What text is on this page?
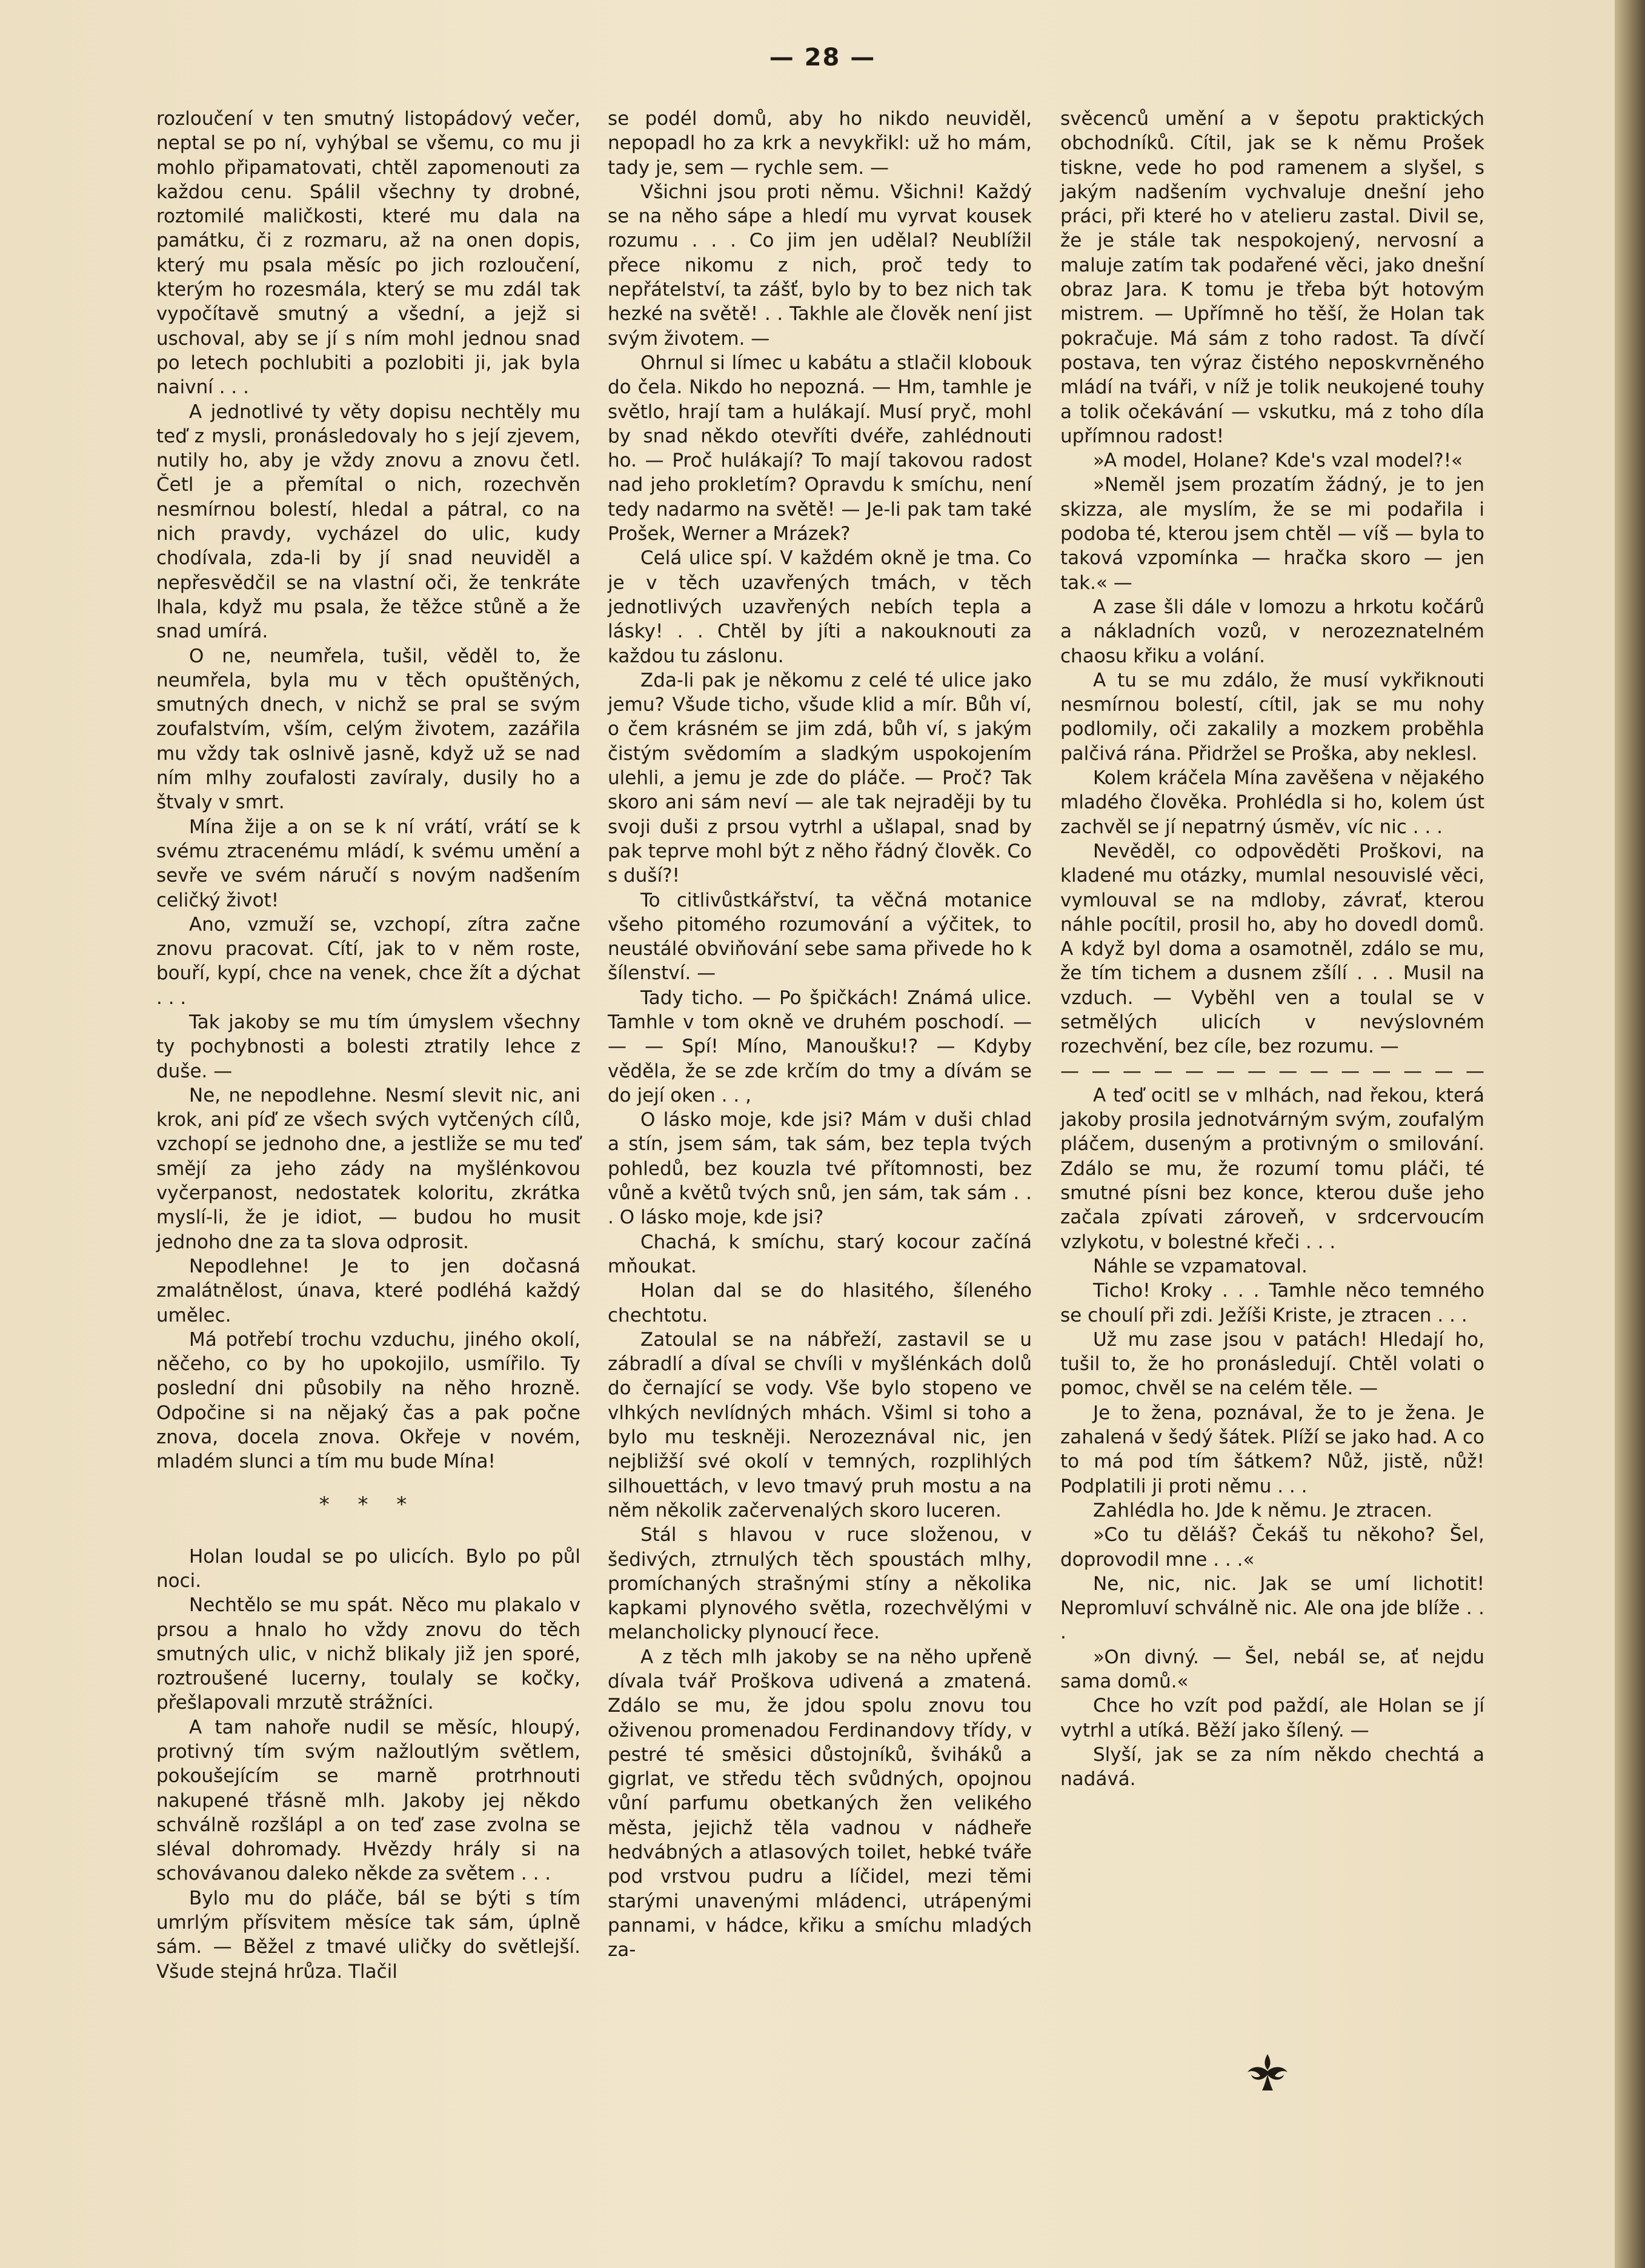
— 28 —

rozloučení v ten smutný listopádový večer, neptal se po ní, vyhýbal se všemu, co mu ji mohlo připamatovati, chtěl zapomenouti za každou cenu. Spálil všechny ty drobné, roztomilé maličkosti, které mu dala na památku, či z rozmaru, až na onen dopis, který mu psala měsíc po jich rozloučení, kterým ho rozesmála, který se mu zdál tak vypočítavě smutný a všední, a jejž si uschoval, aby se jí s ním mohl jednou snad po letech pochlubiti a pozlobiti ji, jak byla naivní . . .

A jednotlivé ty věty dopisu nechtěly mu teď z mysli, pronásledovaly ho s její zjevem, nutily ho, aby je vždy znovu a znovu četl. Četl je a přemítal o nich, rozechvěn nesmírnou bolestí, hledal a pátral, co na nich pravdy, vycházel do ulic, kudy chodívala, zda-li by jí snad neuviděl a nepřesvědčil se na vlastní oči, že tenkráte lhala, když mu psala, že těžce stůně a že snad umírá.

O ne, neumřela, tušil, věděl to, že neumřela, byla mu v těch opuštěných, smutných dnech, v nichž se pral se svým zoufalstvím, vším, celým životem, zazářila mu vždy tak oslnivě jasně, když už se nad ním mlhy zoufalosti zavíraly, dusily ho a štvaly v smrt.

Mína žije a on se k ní vrátí, vrátí se k svému ztracenému mládí, k svému umění a sevře ve svém náručí s novým nadšením celičký život!

Ano, vzmuží se, vzchopí, zítra začne znovu pracovat. Cítí, jak to v něm roste, bouří, kypí, chce na venek, chce žít a dýchat . . .

Tak jakoby se mu tím úmyslem všechny ty pochybnosti a bolesti ztratily lehce z duše. —

Ne, ne nepodlehne. Nesmí slevit nic, ani krok, ani píď ze všech svých vytčených cílů, vzchopí se jednoho dne, a jestliže se mu teď smějí za jeho zády na myšlénkovou vyčerpanost, nedostatek koloritu, zkrátka myslí-li, že je idiot, — budou ho musit jednoho dne za ta slova odprosit.

Nepodlehne! Je to jen dočasná zmalátnělost, únava, které podléhá každý umělec.

Má potřebí trochu vzduchu, jiného okolí, něčeho, co by ho upokojilo, usmířilo. Ty poslední dni působily na něho hrozně. Odpočine si na nějaký čas a pak počne znova, docela znova. Okřeje v novém, mladém slunci a tím mu bude Mína!

* * *

Holan loudal se po ulicích. Bylo po půl noci.

Nechtělo se mu spát. Něco mu plakalo v prsou a hnalo ho vždy znovu do těch smutných ulic, v nichž blikaly již jen sporé, roztroušené lucerny, toulaly se kočky, přešlapovali mrzutě strážníci.

A tam nahoře nudil se měsíc, hloupý, protivný tím svým nažloutlým světlem, pokoušejícím se marně protrhnouti nakupené třásně mlh. Jakoby jej někdo schválně rozšlápl a on teď zase zvolna se sléval dohromady. Hvězdy hrály si na schovávanou daleko někde za světem . . .

Bylo mu do pláče, bál se býti s tím umrlým přísvitem měsíce tak sám, úplně sám. — Běžel z tmavé uličky do světlejší. Všude stejná hrůza. Tlačil

se podél domů, aby ho nikdo neuviděl, nepopadl ho za krk a nevykřikl: už ho mám, tady je, sem — rychle sem. —

Všichni jsou proti němu. Všichni! Každý se na něho sápe a hledí mu vyrvat kousek rozumu . . . Co jim jen udělal? Neublížil přece nikomu z nich, proč tedy to nepřátelství, ta zášť, bylo by to bez nich tak hezké na světě! . . Takhle ale člověk není jist svým životem. —

Ohrnul si límec u kabátu a stlačil klobouk do čela. Nikdo ho nepozná. — Hm, tamhle je světlo, hrají tam a hulákají. Musí pryč, mohl by snad někdo otevříti dvéře, zahlédnouti ho. — Proč hulákají? To mají takovou radost nad jeho prokletím? Opravdu k smíchu, není tedy nadarmo na světě! — Je-li pak tam také Prošek, Werner a Mrázek?

Celá ulice spí. V každém okně je tma. Co je v těch uzavřených tmách, v těch jednotlivých uzavřených nebích tepla a lásky! . . Chtěl by jíti a nakouknouti za každou tu záslonu.

Zda-li pak je někomu z celé té ulice jako jemu? Všude ticho, všude klid a mír. Bůh ví, o čem krásném se jim zdá, bůh ví, s jakým čistým svědomím a sladkým uspokojením ulehli, a jemu je zde do pláče. — Proč? Tak skoro ani sám neví — ale tak nejraději by tu svoji duši z prsou vytrhl a ušlapal, snad by pak teprve mohl být z něho řádný člověk. Co s duší?!

To citlivůstkářství, ta věčná motanice všeho pitomého rozumování a výčitek, to neustálé obviňování sebe sama přivede ho k šílenství. —

Tady ticho. — Po špičkách! Známá ulice. Tamhle v tom okně ve druhém poschodí. — — — Spí! Míno, Manoušku!? — Kdyby věděla, že se zde krčím do tmy a dívám se do její oken . . ,

O lásko moje, kde jsi? Mám v duši chlad a stín, jsem sám, tak sám, bez tepla tvých pohledů, bez kouzla tvé přítomnosti, bez vůně a květů tvých snů, jen sám, tak sám . . . O lásko moje, kde jsi?

Chachá, k smíchu, starý kocour začíná mňoukat.

Holan dal se do hlasitého, šíleného chechtotu.

Zatoulal se na nábřeží, zastavil se u zábradlí a díval se chvíli v myšlénkách dolů do černající se vody. Vše bylo stopeno ve vlhkých nevlídných mhách. Všiml si toho a bylo mu teskněji. Nerozeznával nic, jen nejbližší své okolí v temných, rozplihlých silhouettách, v levo tmavý pruh mostu a na něm několik začervenalých skoro luceren.

Stál s hlavou v ruce složenou, v šedivých, ztrnulých těch spoustách mlhy, promíchaných strašnými stíny a několika kapkami plynového světla, rozechvělými v melancholicky plynoucí řece.

A z těch mlh jakoby se na něho upřeně dívala tvář Proškova udivená a zmatená. Zdálo se mu, že jdou spolu znovu tou oživenou promenadou Ferdinandovy třídy, v pestré té směsici důstojníků, šviháků a gigrlat, ve středu těch svůdných, opojnou vůní parfumu obetkaných žen velikého města, jejichž těla vadnou v nádheře hedvábných a atlasových toilet, hebké tváře pod vrstvou pudru a líčidel, mezi těmi starými unavenými mládenci, utrápenými pannami, v hádce, křiku a smíchu mladých za-

svěcenců umění a v šepotu praktických obchodníků. Cítil, jak se k němu Prošek tiskne, vede ho pod ramenem a slyšel, s jakým nadšením vychvaluje dnešní jeho práci, při které ho v atelieru zastal. Divil se, že je stále tak nespokojený, nervosní a maluje zatím tak podařené věci, jako dnešní obraz Jara. K tomu je třeba být hotovým mistrem. — Upřímně ho těší, že Holan tak pokračuje. Má sám z toho radost. Ta dívčí postava, ten výraz čistého neposkvrněného mládí na tváři, v níž je tolik neukojené touhy a tolik očekávání — vskutku, má z toho díla upřímnou radost!

»A model, Holane? Kde's vzal model?!«

»Neměl jsem prozatím žádný, je to jen skizza, ale myslím, že se mi podařila i podoba té, kterou jsem chtěl — víš — byla to taková vzpomínka — hračka skoro — jen tak.« —

A zase šli dále v lomozu a hrkotu kočárů a nákladních vozů, v nerozeznatelném chaosu křiku a volání.

A tu se mu zdálo, že musí vykřiknouti nesmírnou bolestí, cítil, jak se mu nohy podlomily, oči zakalily a mozkem proběhla palčivá rána. Přidržel se Proška, aby neklesl.

Kolem kráčela Mína zavěšena v nějakého mladého člověka. Prohlédla si ho, kolem úst zachvěl se jí nepatrný úsměv, víc nic . . .

Nevěděl, co odpověděti Proškovi, na kladené mu otázky, mumlal nesouvislé věci, vymlouval se na mdloby, závrať, kterou náhle pocítil, prosil ho, aby ho dovedl domů. A když byl doma a osamotněl, zdálo se mu, že tím tichem a dusnem zšílí . . . Musil na vzduch. — Vyběhl ven a toulal se v setmělých ulicích v nevýslovném rozechvění, bez cíle, bez rozumu. —

— — — — — — — — — — — — — —

A teď ocitl se v mlhách, nad řekou, která jakoby prosila jednotvárným svým, zoufalým pláčem, duseným a protivným o smilování. Zdálo se mu, že rozumí tomu pláči, té smutné písni bez konce, kterou duše jeho začala zpívati zároveň, v srdcervoucím vzlykotu, v bolestné křeči . . .

Náhle se vzpamatoval.

Ticho! Kroky . . . Tamhle něco temného se choulí při zdi. Ježíši Kriste, je ztracen . . .

Už mu zase jsou v patách! Hledají ho, tušil to, že ho pronásledují. Chtěl volati o pomoc, chvěl se na celém těle. —

Je to žena, poznával, že to je žena. Je zahalená v šedý šátek. Plíží se jako had. A co to má pod tím šátkem? Nůž, jistě, nůž! Podplatili ji proti němu . . .

Zahlédla ho. Jde k němu. Je ztracen.

»Co tu děláš? Čekáš tu někoho? Šel, doprovodil mne . . .«

Ne, nic, nic. Jak se umí lichotit! Nepromluví schválně nic. Ale ona jde blíže . . .

»On divný. — Šel, nebál se, ať nejdu sama domů.«

Chce ho vzít pod paždí, ale Holan se jí vytrhl a utíká. Běží jako šílený. —

Slyší, jak se za ním někdo chechtá a nadává.
